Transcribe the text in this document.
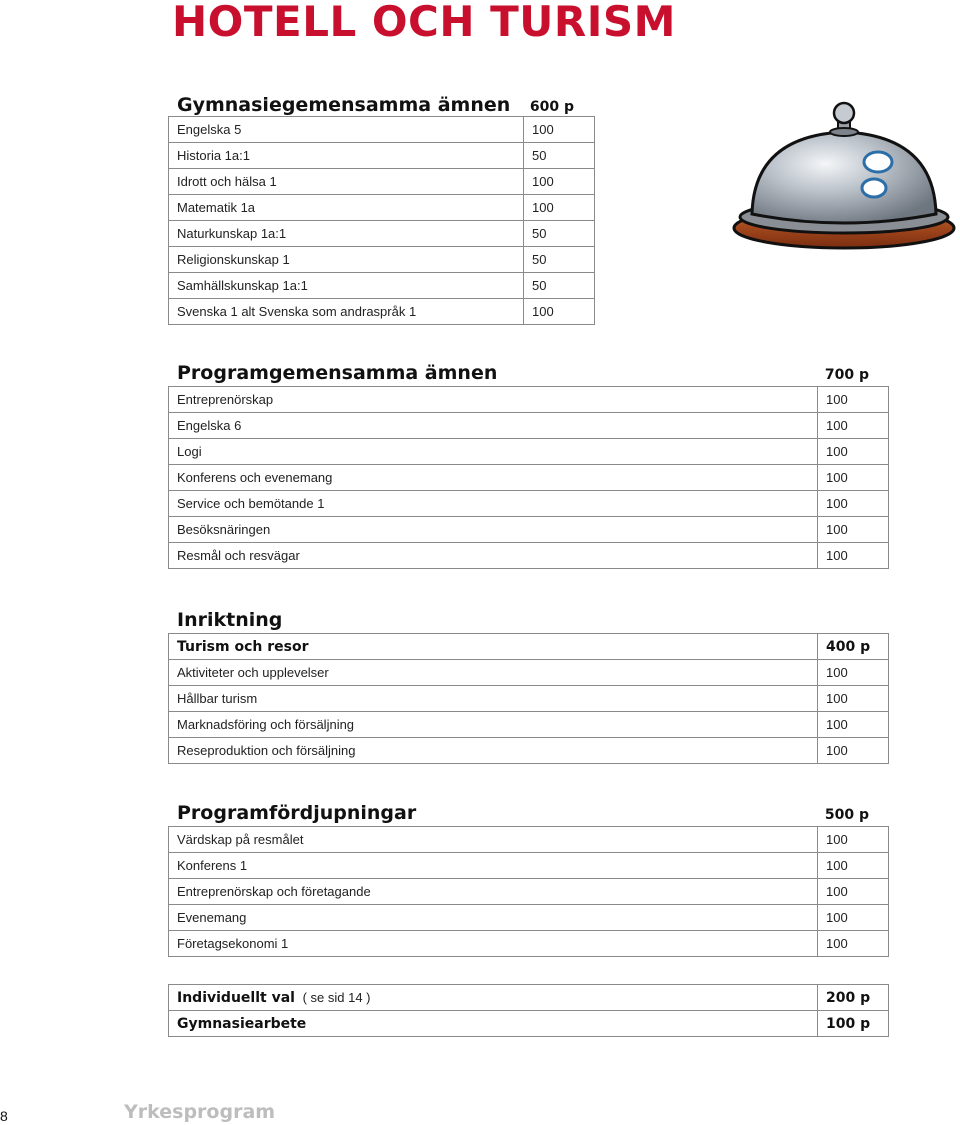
HOTELL OCH TURISM
Gymnasiegemensamma ämnen 600 p
Engelska 5	100
Historia 1a:1	50
Idrott och hälsa 1	100
Matematik 1a	100
Naturkunskap 1a:1	50
Religionskunskap 1	50
Samhällskunskap 1a:1	50
Svenska 1 alt Svenska som andraspråk 1	100
Programgemensamma ämnen	700 p
Entreprenörskap	100
Engelska 6	100
Logi	100
Konferens och evenemang	100
Service och bemötande 1	100
Besöksnäringen	100
Resmål och resvägar	100
Inriktning
Turism och resor	400 p
Aktiviteter och upplevelser	100
Hållbar turism	100
Marknadsföring och försäljning	100
Reseproduktion och försäljning	100
Programfördjupningar	500 p
Värdskap på resmålet	100
Konferens 1	100
Entreprenörskap och företagande	100
Evenemang	100
Företagsekonomi 1	100
Individuellt val ( se sid 14 )	200 p
Gymnasiearbete	100 p
8	Yrkesprogram
